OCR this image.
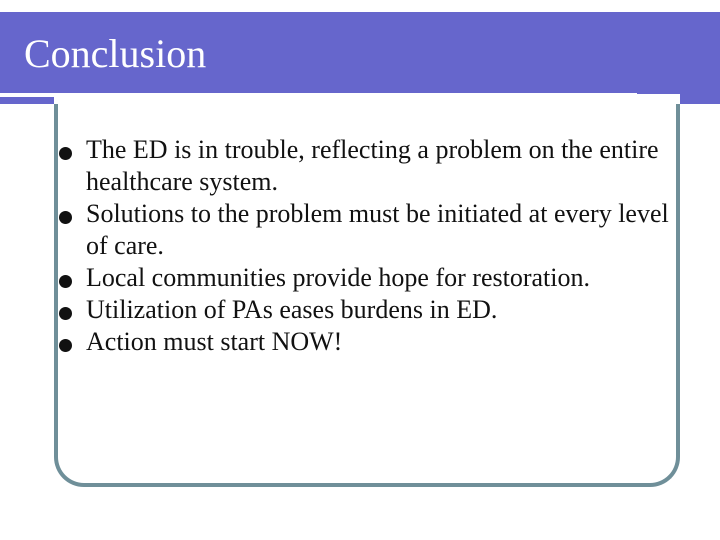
Conclusion
The ED is in trouble, reflecting a problem on the entire healthcare system.
Solutions to the problem must be initiated at every level of care.
Local communities provide hope for restoration.
Utilization of PAs eases burdens in ED.
Action must start NOW!
